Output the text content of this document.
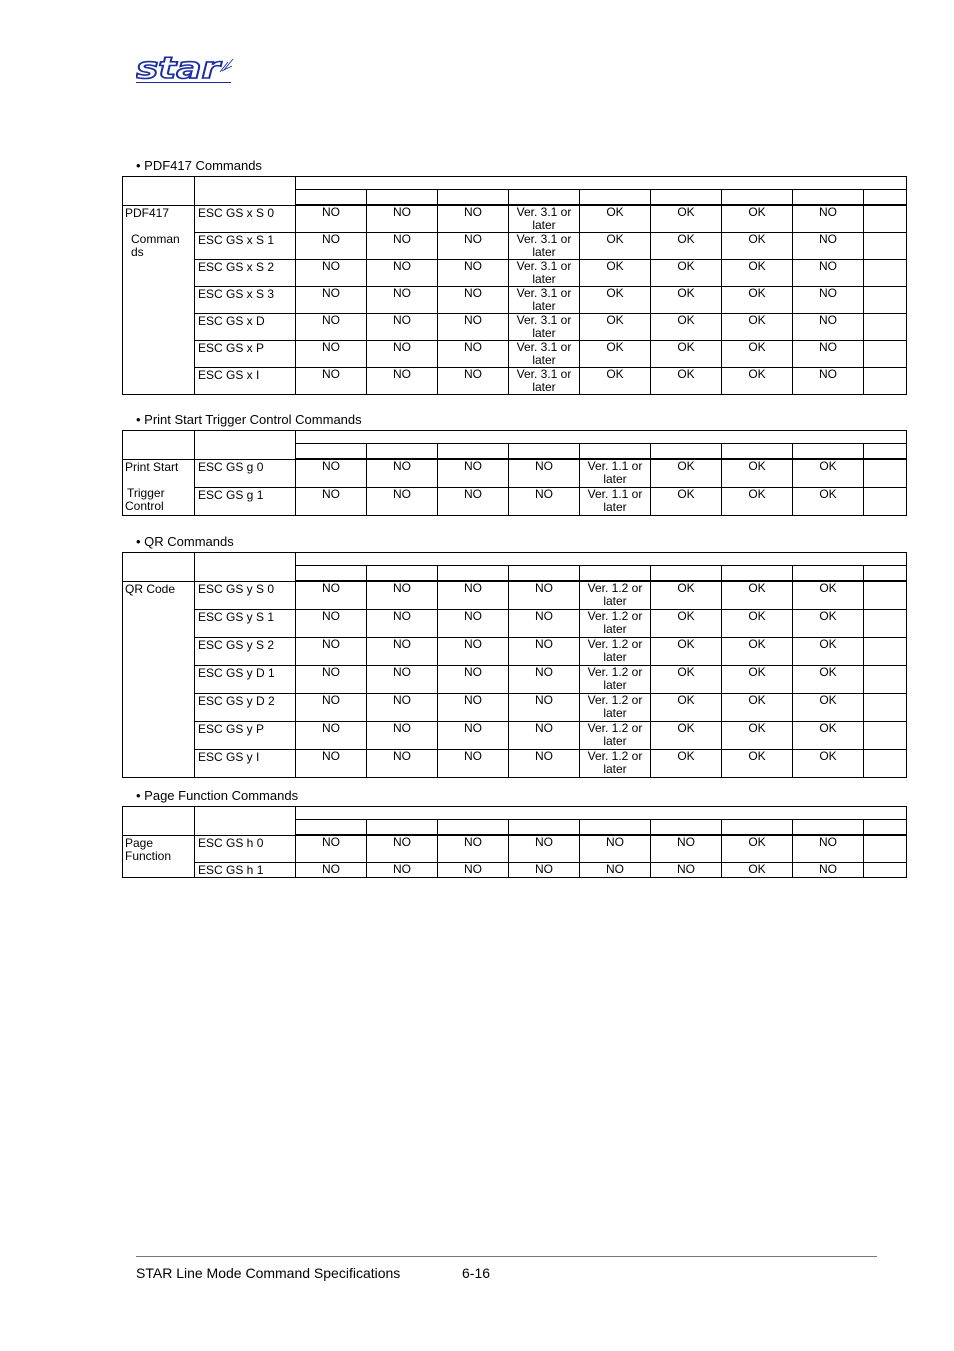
star
• PDF417 Commands
• Print Start Trigger Control Commands
• QR Commands
• Page Function Commands

PDF417
Comman
ds	ESC GS x S 0	NO	NO	NO	Ver. 3.1 or later	OK	OK	OK	NO	
	ESC GS x S 1	NO	NO	NO	Ver. 3.1 or later	OK	OK	OK	NO	
	ESC GS x S 2	NO	NO	NO	Ver. 3.1 or later	OK	OK	OK	NO	
	ESC GS x S 3	NO	NO	NO	Ver. 3.1 or later	OK	OK	OK	NO	
	ESC GS x D	NO	NO	NO	Ver. 3.1 or later	OK	OK	OK	NO	
	ESC GS x P	NO	NO	NO	Ver. 3.1 or later	OK	OK	OK	NO	
	ESC GS x I	NO	NO	NO	Ver. 3.1 or later	OK	OK	OK	NO	

Print Start
Trigger
Control	ESC GS g 0	NO	NO	NO	NO	Ver. 1.1 or later	OK	OK	OK	
	ESC GS g 1	NO	NO	NO	NO	Ver. 1.1 or later	OK	OK	OK	

QR Code	ESC GS y S 0	NO	NO	NO	NO	Ver. 1.2 or later	OK	OK	OK	
	ESC GS y S 1	NO	NO	NO	NO	Ver. 1.2 or later	OK	OK	OK	
	ESC GS y S 2	NO	NO	NO	NO	Ver. 1.2 or later	OK	OK	OK	
	ESC GS y D 1	NO	NO	NO	NO	Ver. 1.2 or later	OK	OK	OK	
	ESC GS y D 2	NO	NO	NO	NO	Ver. 1.2 or later	OK	OK	OK	
	ESC GS y P	NO	NO	NO	NO	Ver. 1.2 or later	OK	OK	OK	
	ESC GS y I	NO	NO	NO	NO	Ver. 1.2 or later	OK	OK	OK	

Page
Function	ESC GS h 0	NO	NO	NO	NO	NO	NO	OK	NO	
	ESC GS h 1	NO	NO	NO	NO	NO	NO	OK	NO	
STAR Line Mode Command Specifications	6-16
